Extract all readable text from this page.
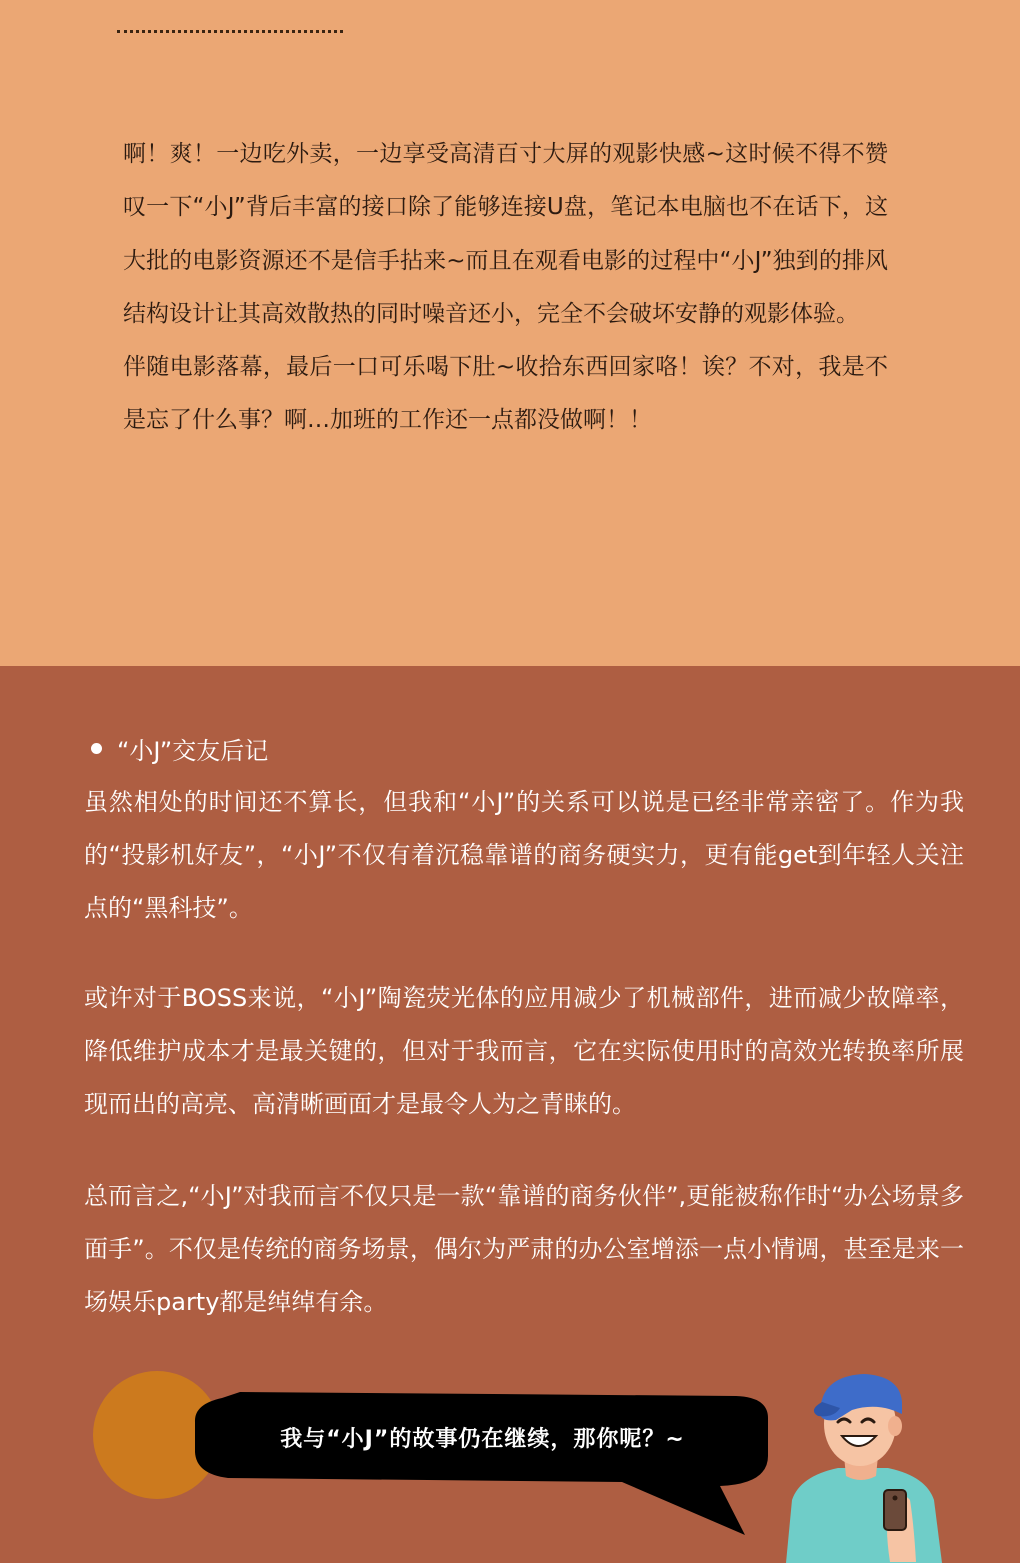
啊！爽！一边吃外卖，一边享受高清百寸大屏的观影快感~这时候不得不赞叹一下“小J”背后丰富的接口除了能够连接U盘，笔记本电脑也不在话下，这大批的电影资源还不是信手拈来~而且在观看电影的过程中“小J”独到的排风结构设计让其高效散热的同时噪音还小，完全不会破坏安静的观影体验。

伴随电影落幕，最后一口可乐喝下肚~收拾东西回家咯！诶？不对，我是不是忘了什么事？啊…加班的工作还一点都没做啊！！

“小J”交友后记

虽然相处的时间还不算长，但我和“小J”的关系可以说是已经非常亲密了。作为我的“投影机好友”，“小J”不仅有着沉稳靠谱的商务硬实力，更有能get到年轻人关注点的“黑科技”。

或许对于BOSS来说，“小J”陶瓷荧光体的应用减少了机械部件，进而减少故障率，降低维护成本才是最关键的，但对于我而言，它在实际使用时的高效光转换率所展现而出的高亮、高清晰画面才是最令人为之青睐的。

总而言之,“小J”对我而言不仅只是一款“靠谱的商务伙伴”,更能被称作时“办公场景多面手”。不仅是传统的商务场景，偶尔为严肃的办公室增添一点小情调，甚至是来一场娱乐party都是绰绰有余。

我与“小J”的故事仍在继续，那你呢？~
